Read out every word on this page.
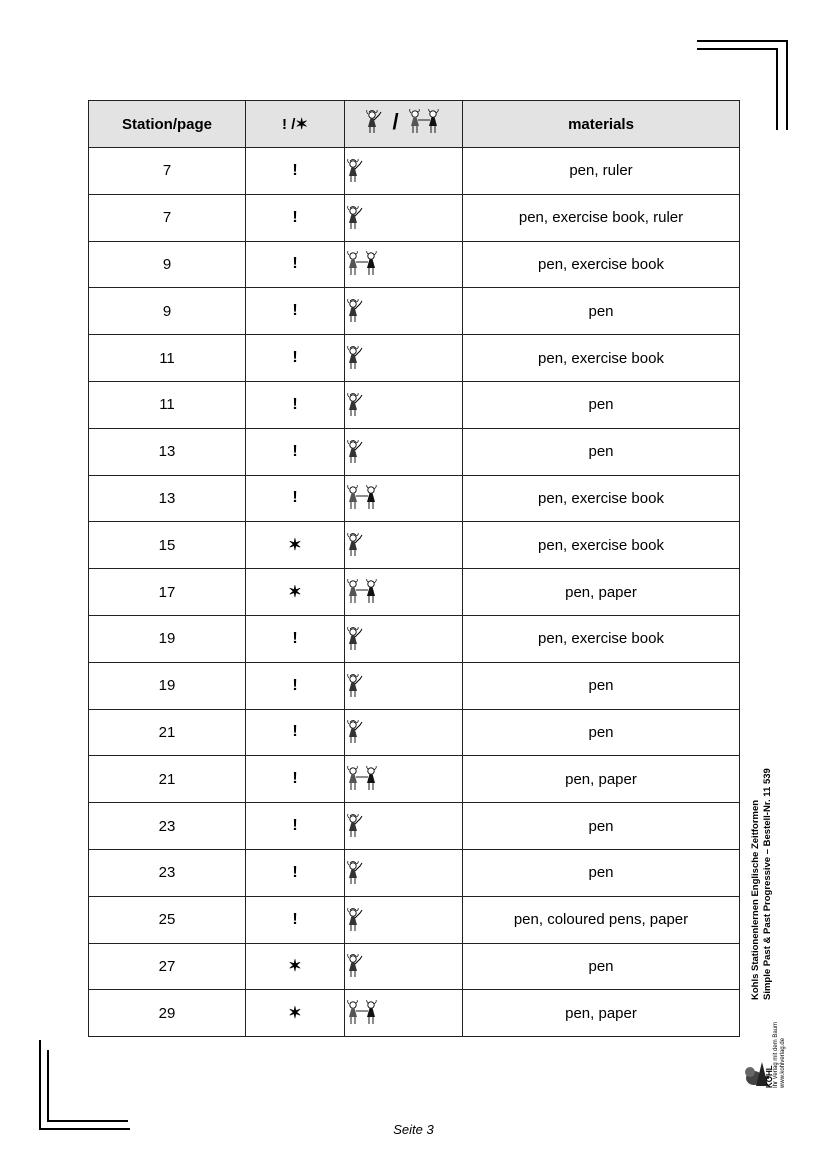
Station/page	! /✶	/	materials
7	!		pen, ruler
7	!		pen, exercise book, ruler
9	!		pen, exercise book
9	!		pen
11	!		pen, exercise book
11	!		pen
13	!		pen
13	!		pen, exercise book
15	✶		pen, exercise book
17	✶		pen, paper
19	!		pen, exercise book
19	!		pen
21	!		pen
21	!		pen, paper
23	!		pen
23	!		pen
25	!		pen, coloured pens, paper
27	✶		pen
29	✶		pen, paper
Kohls Stationenlernen Englische Zeitformen Simple Past & Past Progressive – Bestell-Nr. 11 539
KOHL Ihr Verlag mit dem Baum www.kohlverlag.de
Seite 3
